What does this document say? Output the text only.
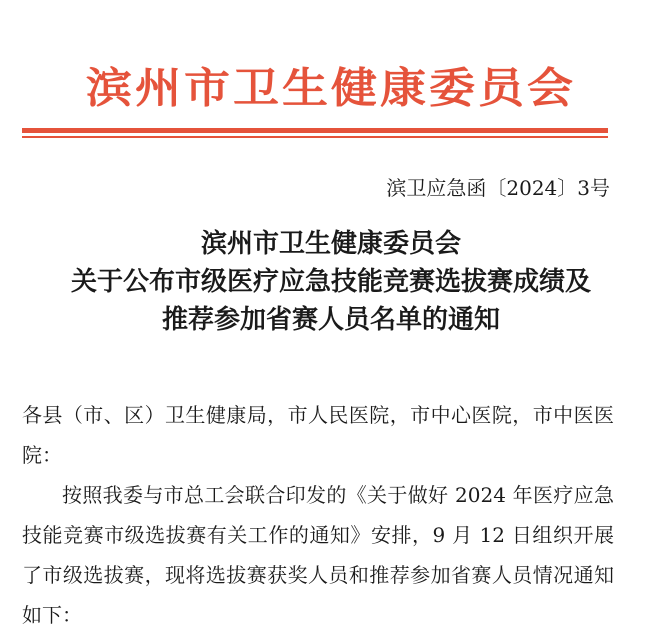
滨州市卫生健康委员会
滨卫应急函〔2024〕3号
滨州市卫生健康委员会
关于公布市级医疗应急技能竞赛选拔赛成绩及
推荐参加省赛人员名单的通知

各县（市、区）卫生健康局，市人民医院，市中心医院，市中医医院：

按照我委与市总工会联合印发的《关于做好 2024 年医疗应急技能竞赛市级选拔赛有关工作的通知》安排，9 月 12 日组织开展了市级选拔赛，现将选拔赛获奖人员和推荐参加省赛人员情况通知如下：
